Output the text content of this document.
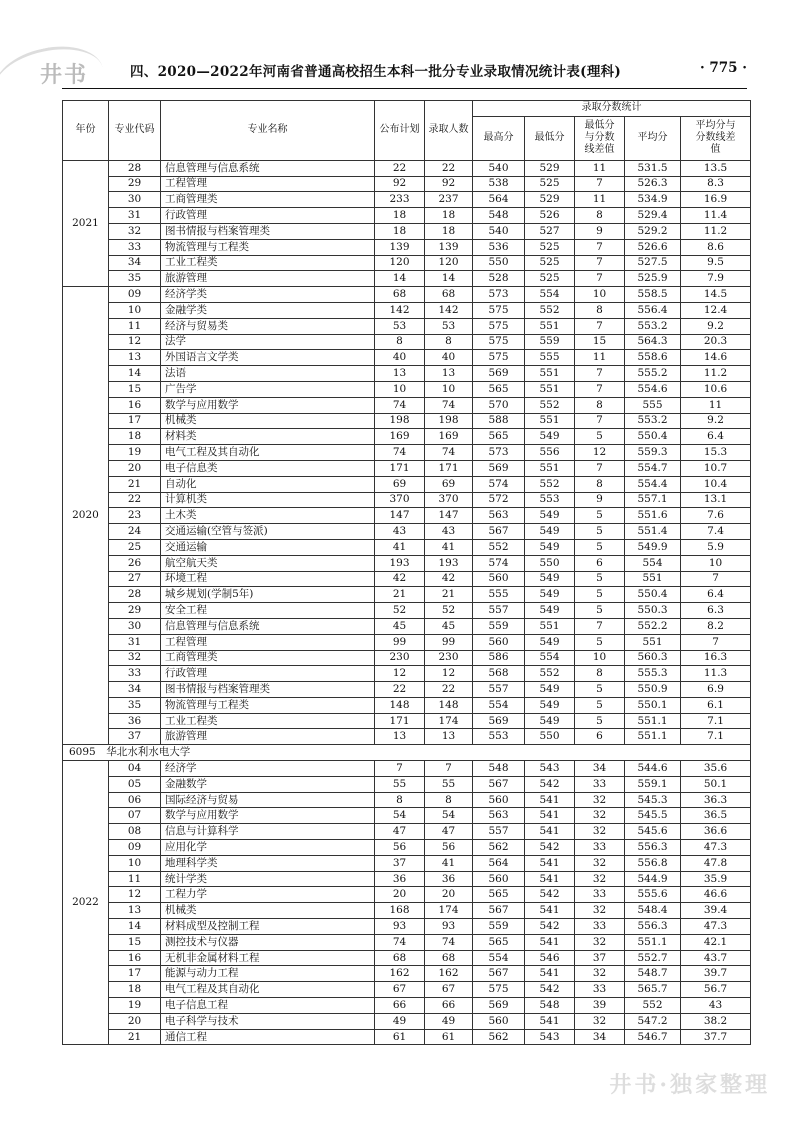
井书	四、2020—2022年河南省普通高校招生本科一批分专业录取情况统计表(理科)	· 775 ·
年份	专业代码	专业名称	公布计划	录取人数	录取分数统计				
					最高分	最低分	最低分与分数线差值	平均分	平均分与分数线差值
2021	28	信息管理与信息系统	22	22	540	529	11	531.5	13.5
	29	工程管理	92	92	538	525	7	526.3	8.3
	30	工商管理类	233	237	564	529	11	534.9	16.9
	31	行政管理	18	18	548	526	8	529.4	11.4
	32	图书情报与档案管理类	18	18	540	527	9	529.2	11.2
	33	物流管理与工程类	139	139	536	525	7	526.6	8.6
	34	工业工程类	120	120	550	525	7	527.5	9.5
	35	旅游管理	14	14	528	525	7	525.9	7.9
2020	09	经济学类	68	68	573	554	10	558.5	14.5
	10	金融学类	142	142	575	552	8	556.4	12.4
	11	经济与贸易类	53	53	575	551	7	553.2	9.2
	12	法学	8	8	575	559	15	564.3	20.3
	13	外国语言文学类	40	40	575	555	11	558.6	14.6
	14	法语	13	13	569	551	7	555.2	11.2
	15	广告学	10	10	565	551	7	554.6	10.6
	16	数学与应用数学	74	74	570	552	8	555	11
	17	机械类	198	198	588	551	7	553.2	9.2
	18	材料类	169	169	565	549	5	550.4	6.4
	19	电气工程及其自动化	74	74	573	556	12	559.3	15.3
	20	电子信息类	171	171	569	551	7	554.7	10.7
	21	自动化	69	69	574	552	8	554.4	10.4
	22	计算机类	370	370	572	553	9	557.1	13.1
	23	土木类	147	147	563	549	5	551.6	7.6
	24	交通运输(空管与签派)	43	43	567	549	5	551.4	7.4
	25	交通运输	41	41	552	549	5	549.9	5.9
	26	航空航天类	193	193	574	550	6	554	10
	27	环境工程	42	42	560	549	5	551	7
	28	城乡规划(学制5年)	21	21	555	549	5	550.4	6.4
	29	安全工程	52	52	557	549	5	550.3	6.3
	30	信息管理与信息系统	45	45	559	551	7	552.2	8.2
	31	工程管理	99	99	560	549	5	551	7
	32	工商管理类	230	230	586	554	10	560.3	16.3
	33	行政管理	12	12	568	552	8	555.3	11.3
	34	图书情报与档案管理类	22	22	557	549	5	550.9	6.9
	35	物流管理与工程类	148	148	554	549	5	550.1	6.1
	36	工业工程类	171	174	569	549	5	551.1	7.1
	37	旅游管理	13	13	553	550	6	551.1	7.1
6095　华北水利水电大学									
2022	04	经济学	7	7	548	543	34	544.6	35.6
	05	金融数学	55	55	567	542	33	559.1	50.1
	06	国际经济与贸易	8	8	560	541	32	545.3	36.3
	07	数学与应用数学	54	54	563	541	32	545.5	36.5
	08	信息与计算科学	47	47	557	541	32	545.6	36.6
	09	应用化学	56	56	562	542	33	556.3	47.3
	10	地理科学类	37	41	564	541	32	556.8	47.8
	11	统计学类	36	36	560	541	32	544.9	35.9
	12	工程力学	20	20	565	542	33	555.6	46.6
	13	机械类	168	174	567	541	32	548.4	39.4
	14	材料成型及控制工程	93	93	559	542	33	556.3	47.3
	15	测控技术与仪器	74	74	565	541	32	551.1	42.1
	16	无机非金属材料工程	68	68	554	546	37	552.7	43.7
	17	能源与动力工程	162	162	567	541	32	548.7	39.7
	18	电气工程及其自动化	67	67	575	542	33	565.7	56.7
	19	电子信息工程	66	66	569	548	39	552	43
	20	电子科学与技术	49	49	560	541	32	547.2	38.2
	21	通信工程	61	61	562	543	34	546.7	37.7
井书·独家整理
